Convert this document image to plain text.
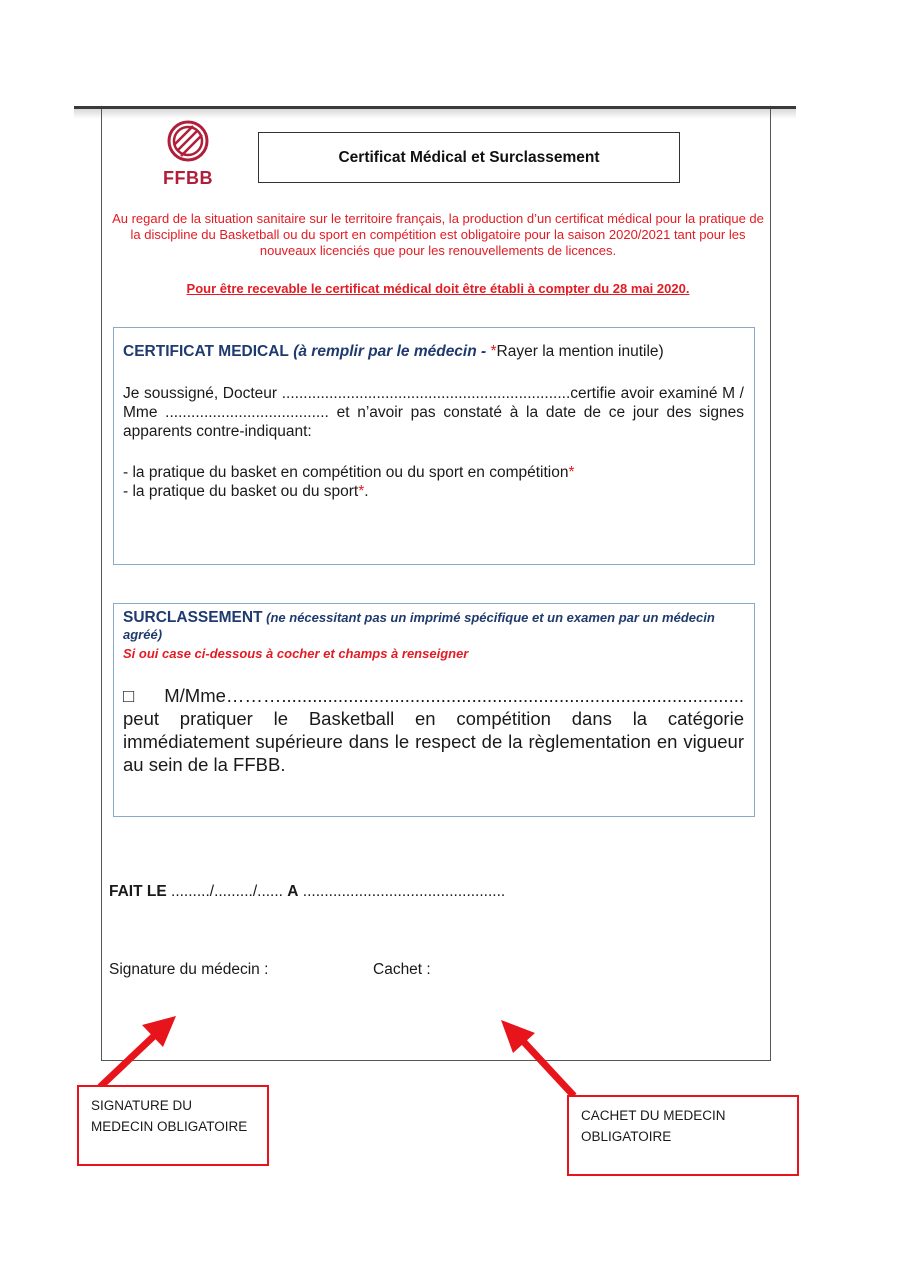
FFBB
Certificat Médical et Surclassement
Au regard de la situation sanitaire sur le territoire français, la production d’un certificat médical pour la pratique de la discipline du Basketball ou du sport en compétition est obligatoire pour la saison 2020/2021 tant pour les nouveaux licenciés que pour les renouvellements de licences.
Pour être recevable le certificat médical doit être établi à compter du 28 mai 2020.
CERTIFICAT MEDICAL (à remplir par le médecin - *Rayer la mention inutile)
Je soussigné, Docteur ...................................................................certifie avoir examiné M / Mme ...................................... et n’avoir pas constaté à la date de ce jour des signes apparents contre-indiquant:
- la pratique du basket en compétition ou du sport en compétition*
- la pratique du basket ou du sport*.
SURCLASSEMENT (ne nécessitant pas un imprimé spécifique et un examen par un médecin agréé)
Si oui case ci-dessous à cocher et champs à renseigner
□ M/Mme……….......................................................................................... peut pratiquer le Basketball en compétition dans la catégorie immédiatement supérieure dans le respect de la règlementation en vigueur au sein de la FFBB.
FAIT LE ........./........./...... A ...............................................
Signature du médecin :	Cachet :
SIGNATURE DU
MEDECIN OBLIGATOIRE
CACHET DU MEDECIN
OBLIGATOIRE
